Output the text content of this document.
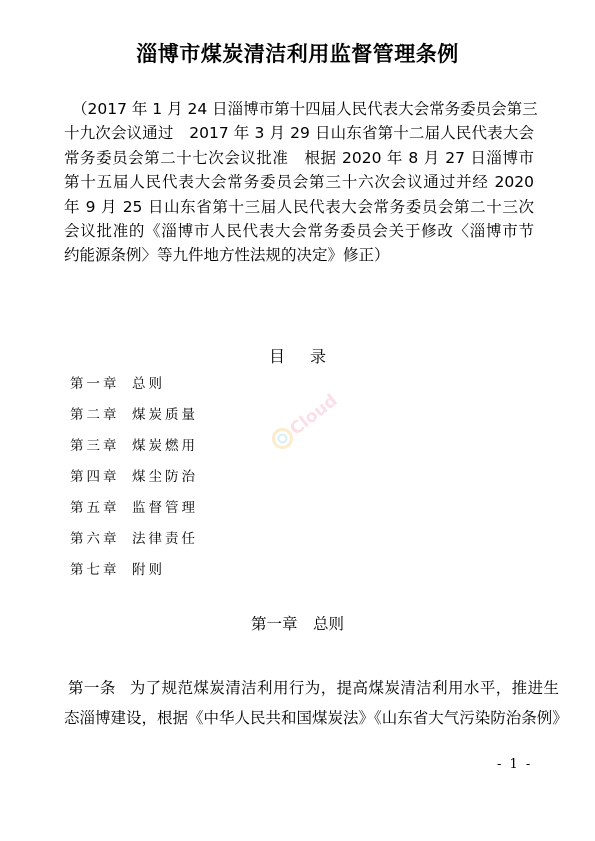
淄博市煤炭清洁利用监督管理条例
（2017 年 1 月 24 日淄博市第十四届人民代表大会常务委员会第三
十九次会议通过　2017 年 3 月 29 日山东省第十二届人民代表大会
常务委员会第二十七次会议批准　根据 2020 年 8 月 27 日淄博市
第十五届人民代表大会常务委员会第三十六次会议通过并经 2020
年 9 月 25 日山东省第十三届人民代表大会常务委员会第二十三次
会议批准的《淄博市人民代表大会常务委员会关于修改〈淄博市节
约能源条例〉等九件地方性法规的决定》修正）
目 录
第一章 总则
第二章 煤炭质量
第三章 煤炭燃用
第四章 煤尘防治
第五章 监督管理
第六章 法律责任
第七章 附则
Cloud
第一章　总则
第一条 为了规范煤炭清洁利用行为，提高煤炭清洁利用水平，推进生
态淄博建设，根据《中华人民共和国煤炭法》《山东省大气污染防治条例》
- 1 -
